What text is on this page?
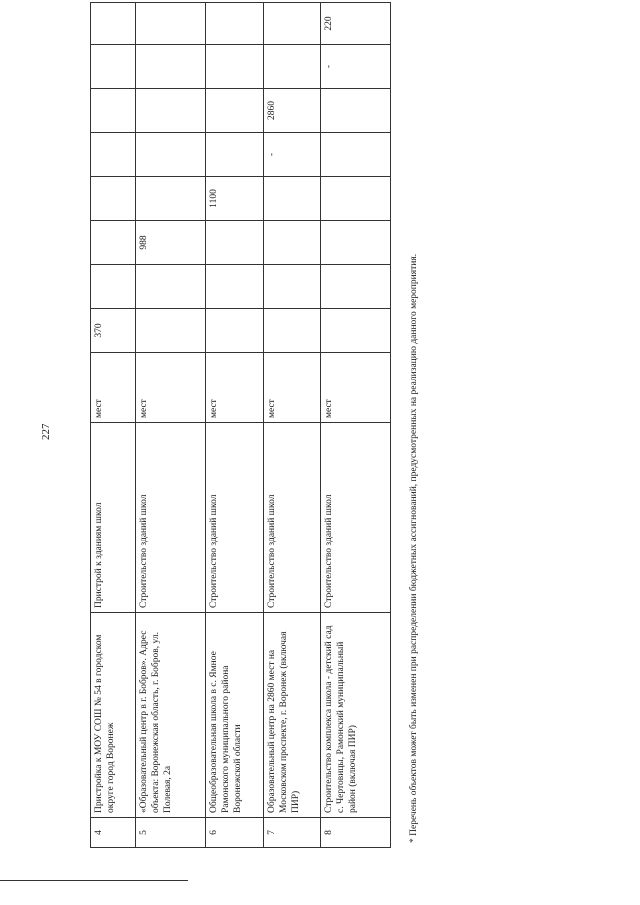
227
4	Пристройка к МОУ СОШ № 54 в городском округе город Воронеж	Пристрой к зданиям школ	мест	370							
5	«Образовательный центр в г. Бобров». Адрес объекта: Воронежская область, г. Бобров, ул. Полевая, 2а	Строительство зданий школ	мест			988					
6	Общеобразовательная школа в с. Ямное Рамонского муниципального района Воронежской области	Строительство зданий школ	мест				1100				
7	Образовательный центр на 2860 мест на Московском проспекте, г. Воронеж (включая ПИР)	Строительство зданий школ	мест					-	2860		
8	Строительство комплекса школа - детский сад с. Чертовицы, Рамонский муниципальный район (включая ПИР)	Строительство зданий школ	мест							-	220
* Перечень объектов может быть изменен при распределении бюджетных ассигнований, предусмотренных на реализацию данного мероприятия.
